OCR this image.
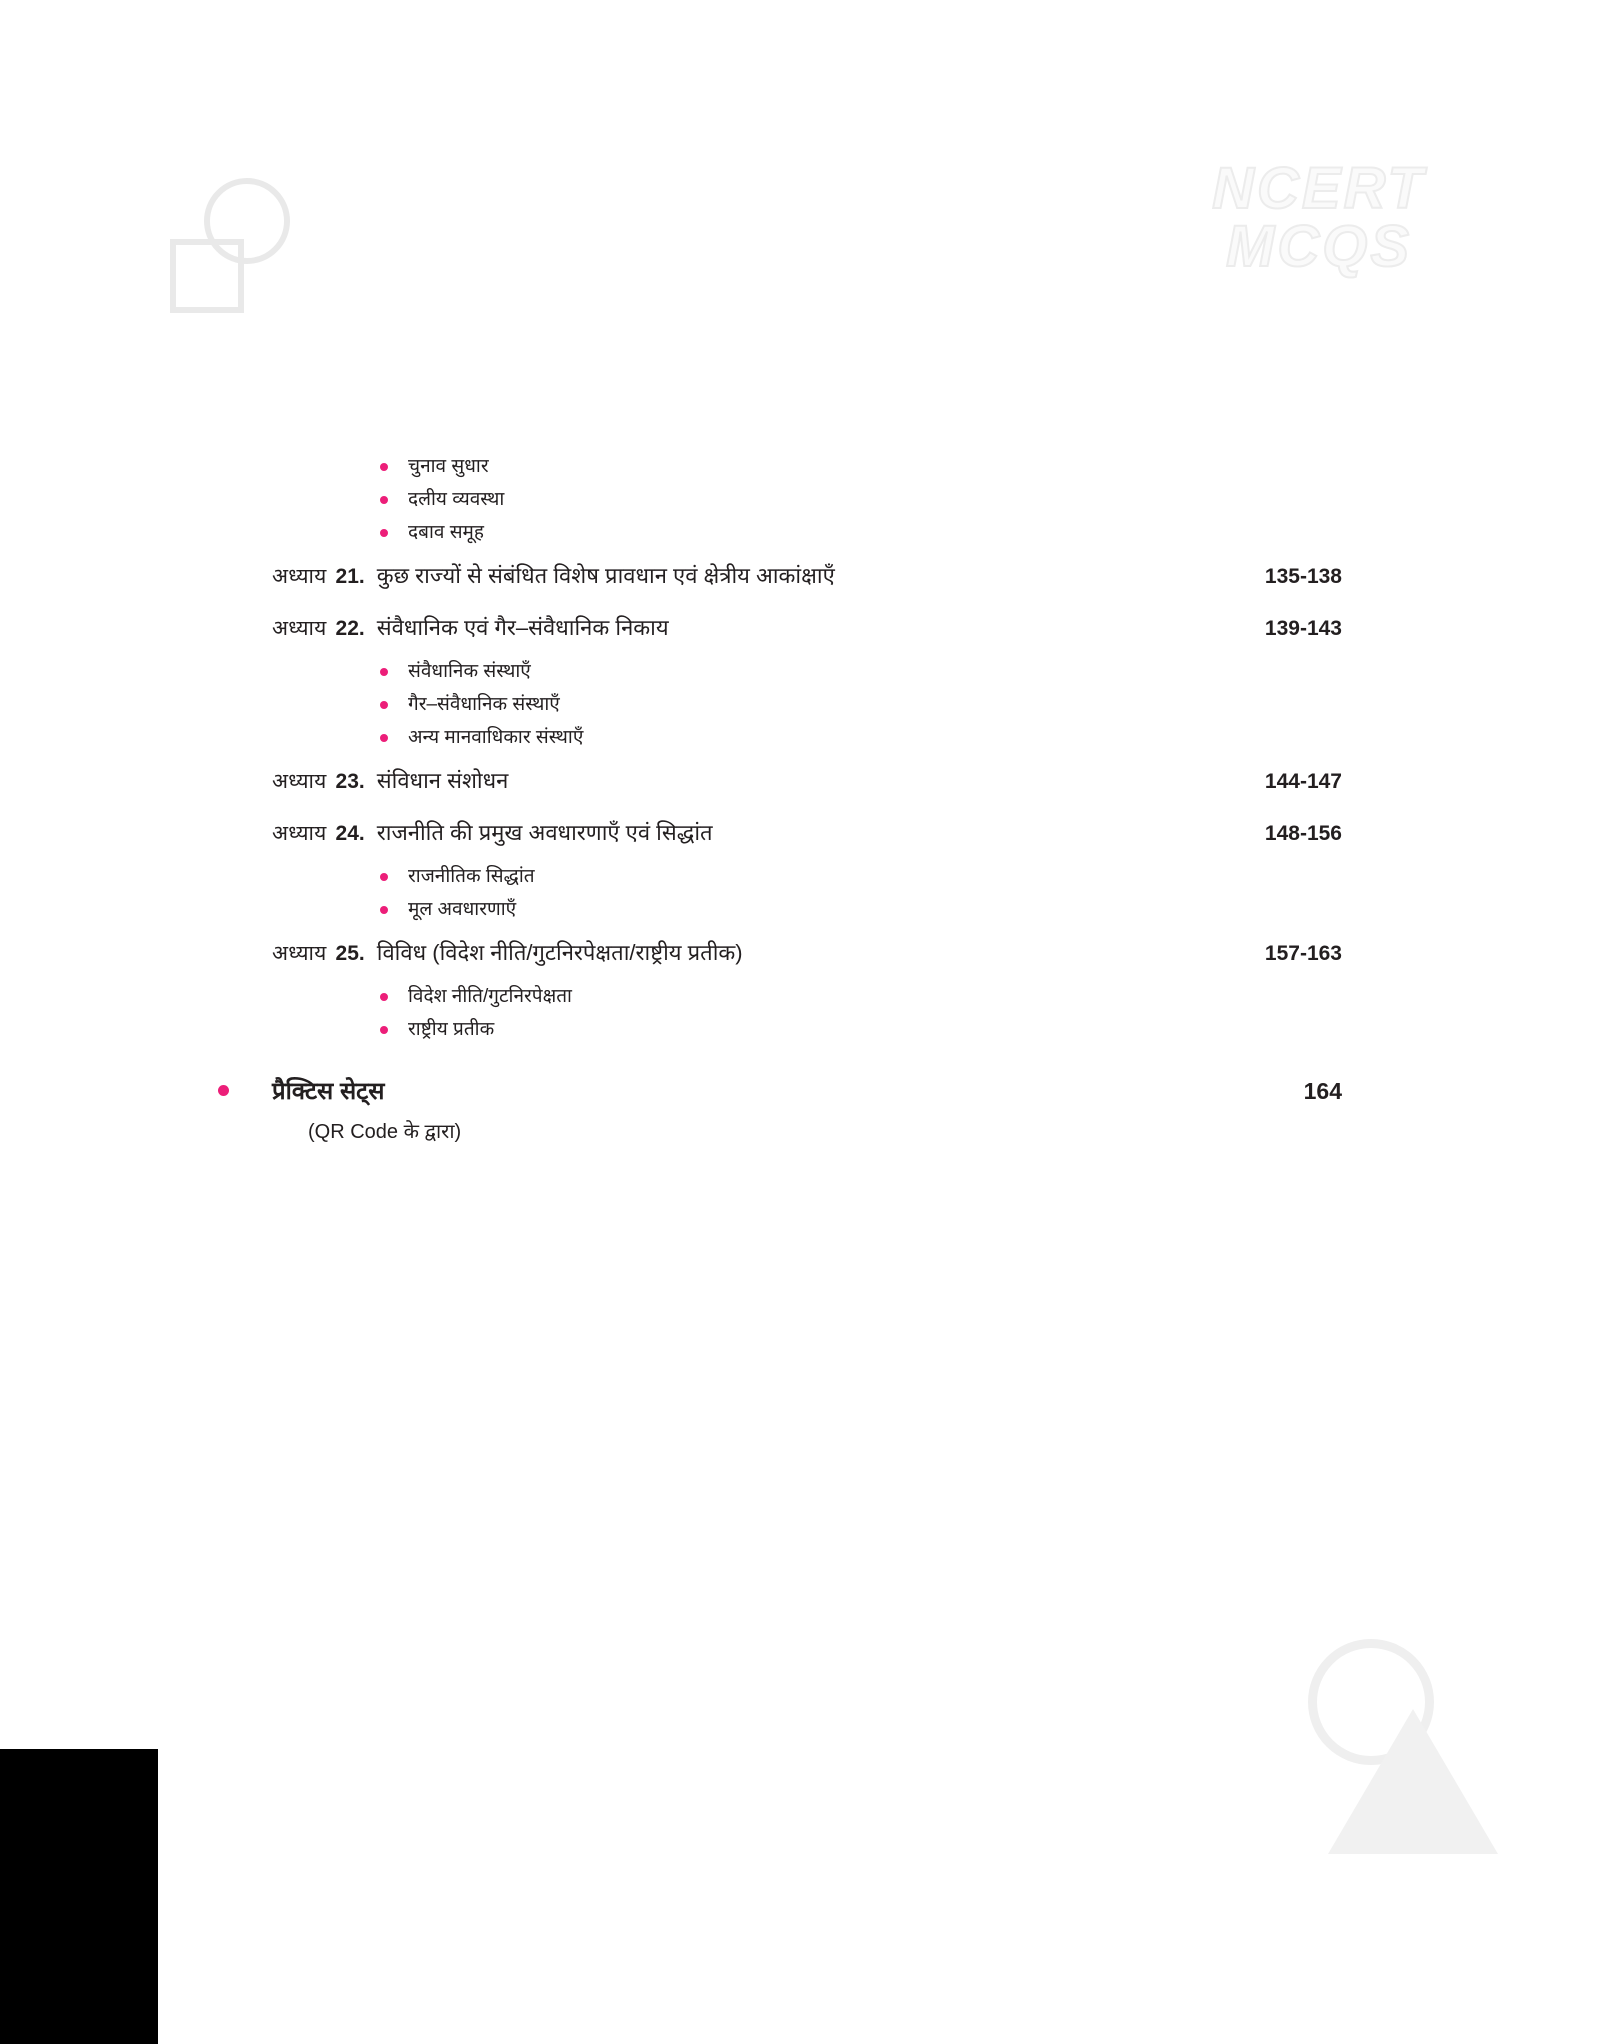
NCERT
MCQS
चुनाव सुधार
दलीय व्यवस्था
दबाव समूह
अध्याय 21. कुछ राज्यों से संबंधित विशेष प्रावधान एवं क्षेत्रीय आकांक्षाएँ	135-138
अध्याय 22. संवैधानिक एवं गैर–संवैधानिक निकाय	139-143
संवैधानिक संस्थाएँ
गैर–संवैधानिक संस्थाएँ
अन्य मानवाधिकार संस्थाएँ
अध्याय 23. संविधान संशोधन	144-147
अध्याय 24. राजनीति की प्रमुख अवधारणाएँ एवं सिद्धांत	148-156
राजनीतिक सिद्धांत
मूल अवधारणाएँ
अध्याय 25. विविध (विदेश नीति/गुटनिरपेक्षता/राष्ट्रीय प्रतीक)	157-163
विदेश नीति/गुटनिरपेक्षता
राष्ट्रीय प्रतीक
प्रैक्टिस सेट्स	164
(QR Code के द्वारा)
